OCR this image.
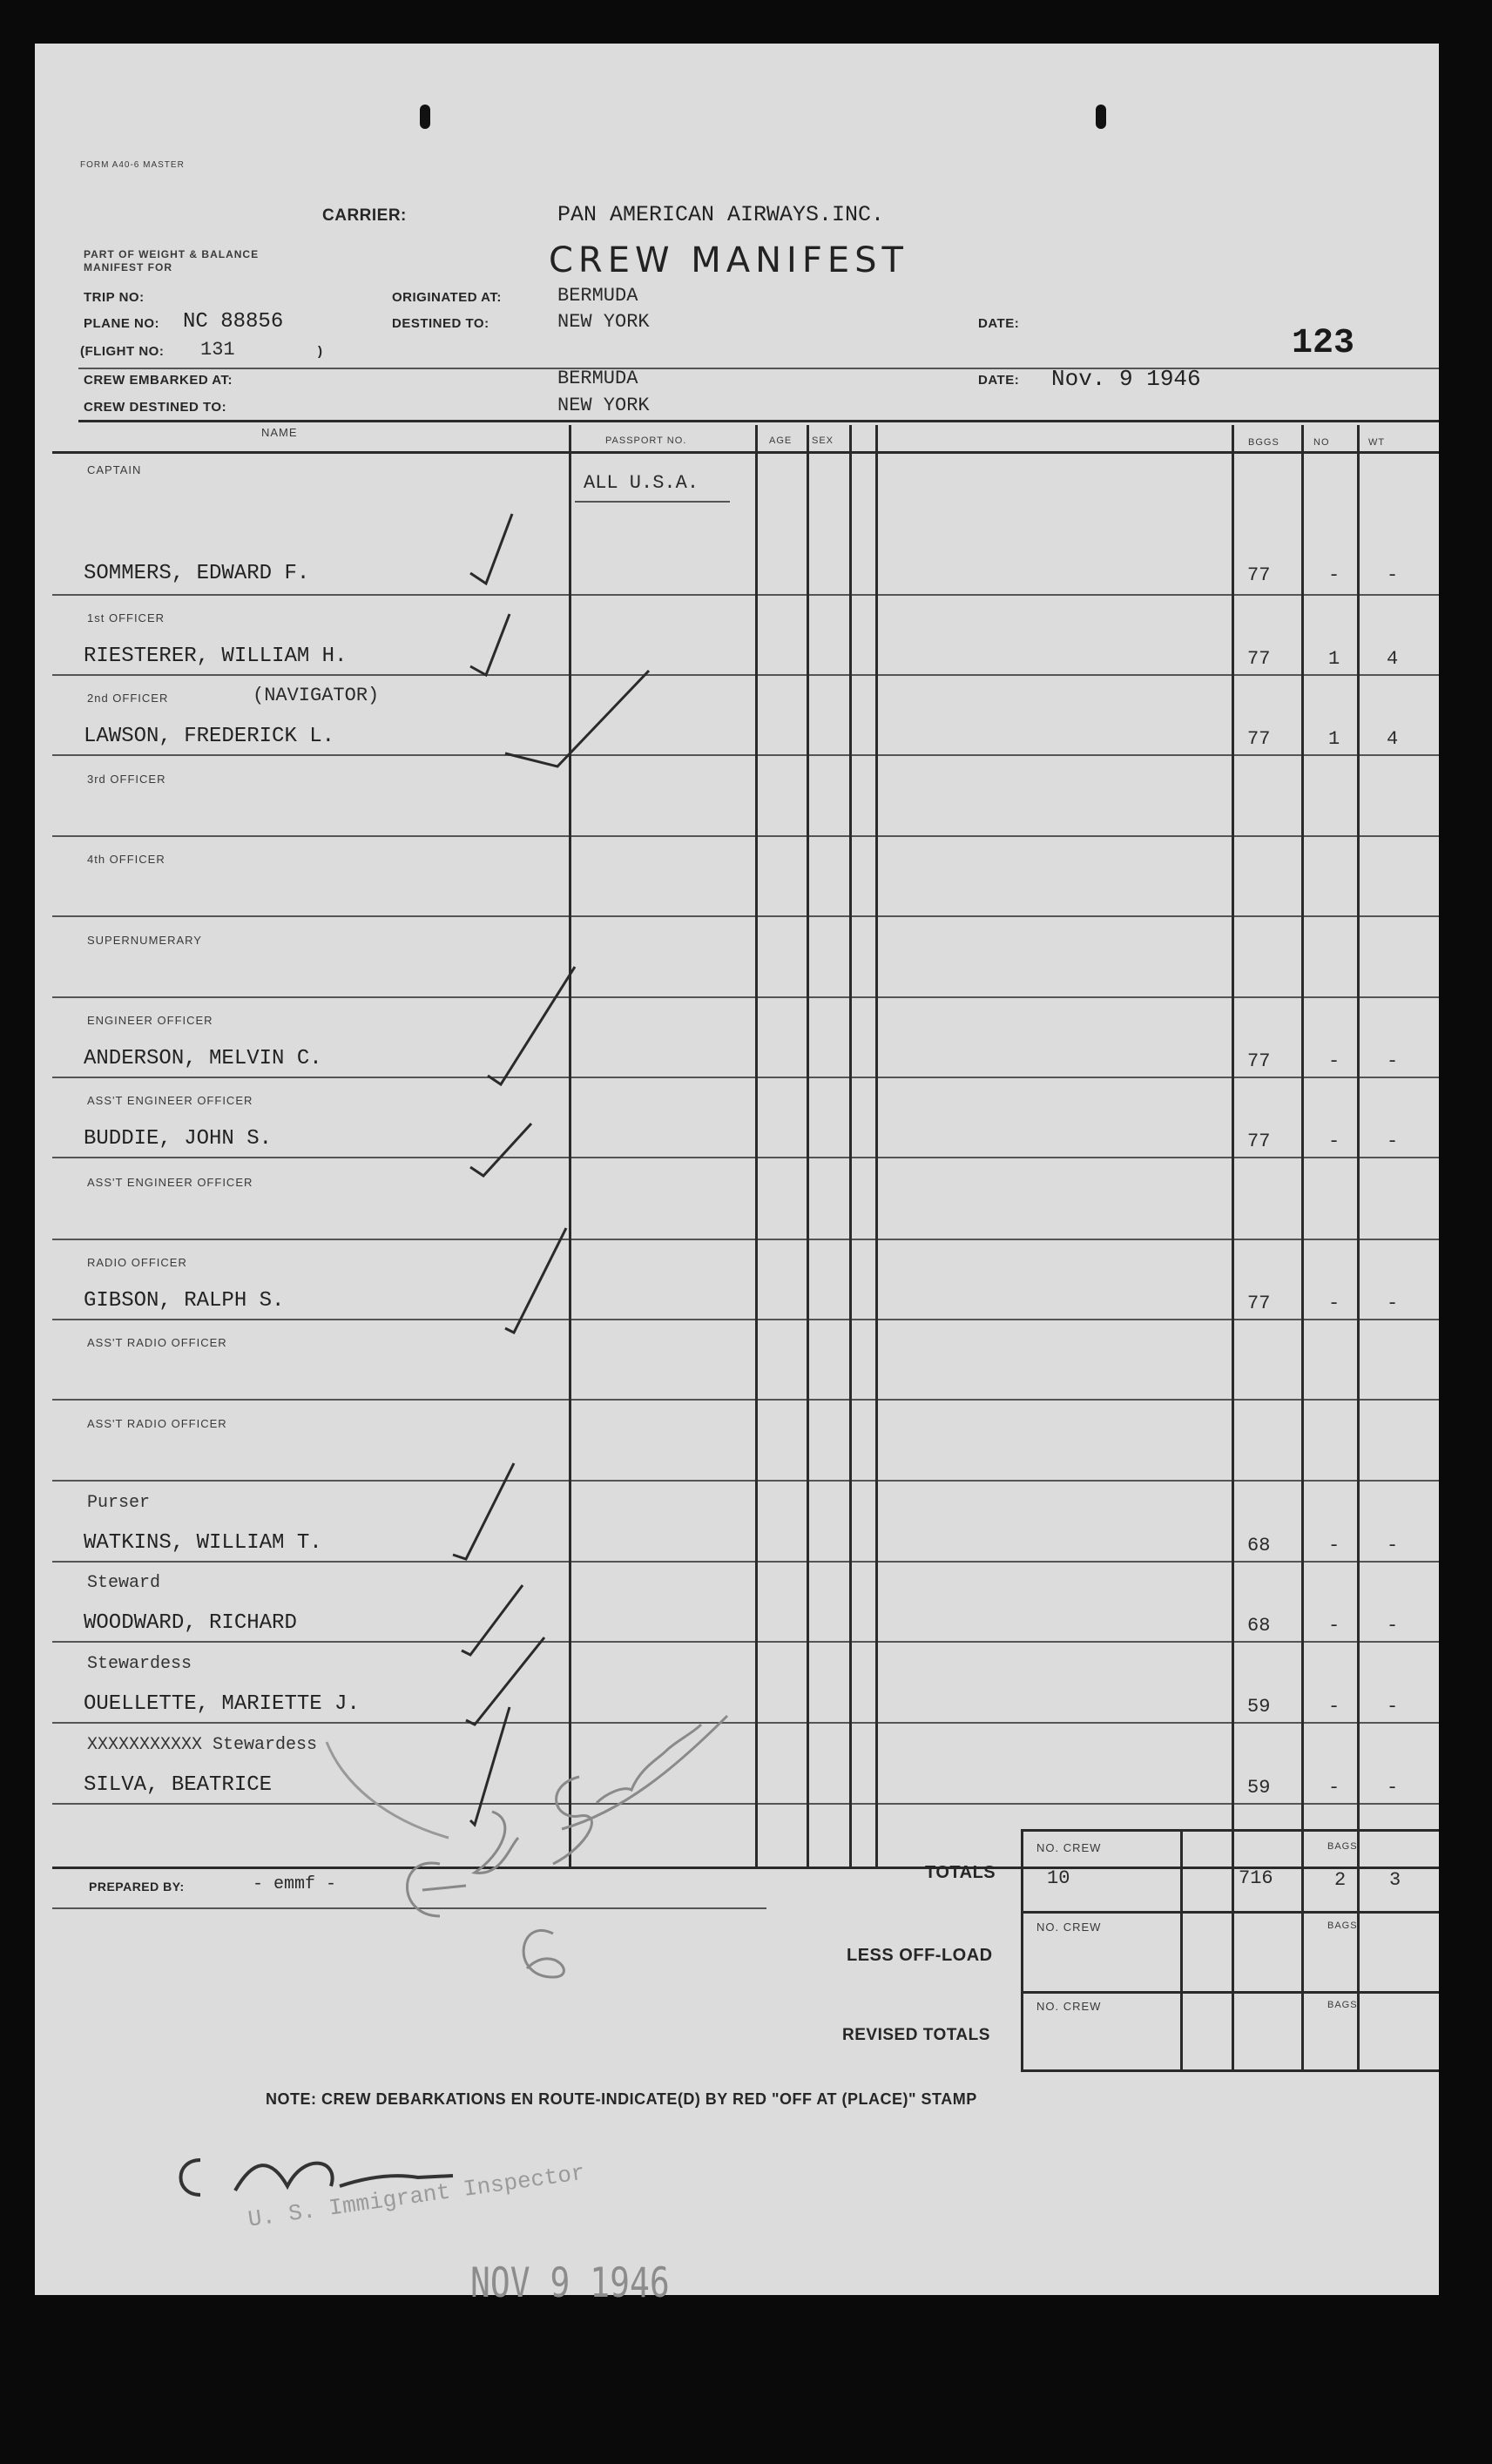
FORM A40-6 MASTER
CARRIER:	PAN AMERICAN AIRWAYS.INC.
CREW MANIFEST
PART OF WEIGHT & BALANCE MANIFEST FOR
TRIP NO:	ORIGINATED AT:	BERMUDA
PLANE NO: NC 88856	DESTINED TO:	NEW YORK	DATE:
(FLIGHT NO: 131	)	123
CREW EMBARKED AT:	BERMUDA	DATE: Nov. 9 1946
CREW DESTINED TO:	NEW YORK
NAME
PASSPORT NO.	AGE SEX	BGGS	NO	WT
ALL U.S.A.
CAPTAIN
SOMMERS, EDWARD F.	77	- -
1st OFFICER
RIESTERER, WILLIAM H.	77	1 4
2nd OFFICER	(NAVIGATOR)
LAWSON, FREDERICK L.	77	1 4
3rd OFFICER
4th OFFICER
SUPERNUMERARY
ENGINEER OFFICER
ANDERSON, MELVIN C.	77	- -
ASS'T ENGINEER OFFICER
BUDDIE, JOHN S.	77	- -
ASS'T ENGINEER OFFICER
RADIO OFFICER
GIBSON, RALPH S.	77	- -
ASS'T RADIO OFFICER
ASS'T RADIO OFFICER
Purser
WATKINS, WILLIAM T.	68	- -
Steward
WOODWARD, RICHARD	68	- -
Stewardess
OUELLETTE, MARIETTE J.	59	- -
XXXXXXXXXXX Stewardess
SILVA, BEATRICE	59	- -
PREPARED BY:	- emmf -
TOTALS
NO. CREW	BAGS
10	716	2 3
LESS OFF-LOAD
NO. CREW	BAGS
REVISED TOTALS
NO. CREW	BAGS
NOTE: CREW DEBARKATIONS EN ROUTE-INDICATE(D) BY RED "OFF AT (PLACE)" STAMP
U. S. Immigrant Inspector
NOV 9 1946
